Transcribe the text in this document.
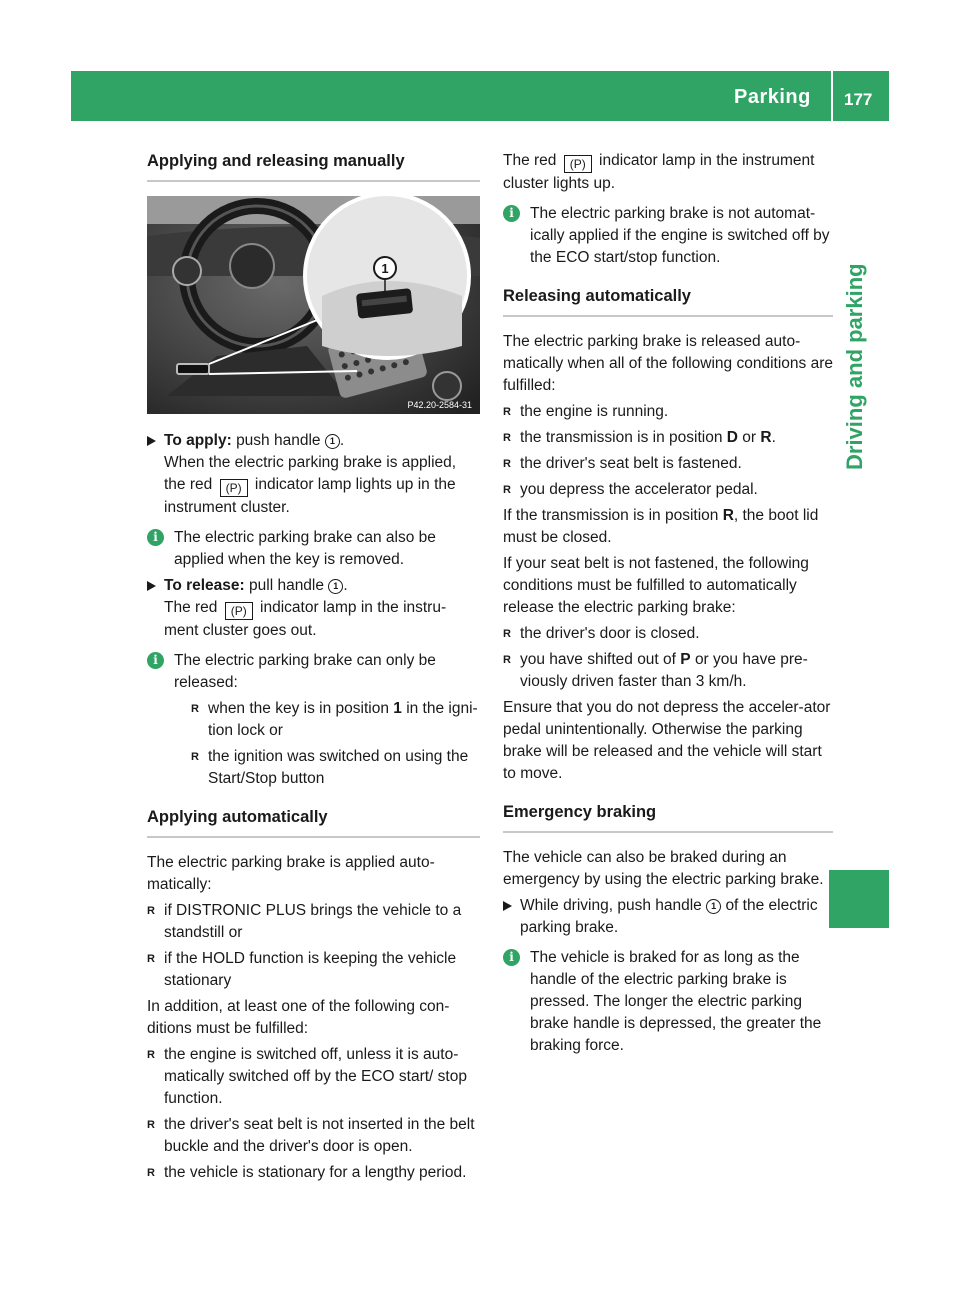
Parking 177
Driving and parking
Applying and releasing manually
1
P42.20-2584-31

To apply: push handle 1 .

When the electric parking brake is applied, the red (P) indicator lamp lights up in the instrument cluster.

i	The electric parking brake can also be applied when the key is removed.

To release: pull handle 1 .

The red (P) indicator lamp in the instru-ment cluster goes out.

i	The electric parking brake can only be released:

R when the key is in position 1 in the igni-tion lock or

R the ignition was switched on using the Start/Stop button

Applying automatically

The electric parking brake is applied auto-matically:

R if DISTRONIC PLUS brings the vehicle to a standstill or

R if the HOLD function is keeping the vehicle stationary

In addition, at least one of the following con-ditions must be fulfilled:

R the engine is switched off, unless it is auto-matically switched off by the ECO start/ stop function.

R the driver's seat belt is not inserted in the belt buckle and the driver's door is open.

R the vehicle is stationary for a lengthy period.

The red (P) indicator lamp in the instrument cluster lights up.

i	The electric parking brake is not automat-ically applied if the engine is switched off by the ECO start/stop function.

Releasing automatically

The electric parking brake is released auto-matically when all of the following conditions are fulfilled:

R the engine is running.

R the transmission is in position D or R.

R the driver's seat belt is fastened.

R you depress the accelerator pedal.

If the transmission is in position R, the boot lid must be closed.

If your seat belt is not fastened, the following conditions must be fulfilled to automatically release the electric parking brake:

R the driver's door is closed.

R you have shifted out of P or you have pre-viously driven faster than 3 km/h.

Ensure that you do not depress the acceler-ator pedal unintentionally. Otherwise the parking brake will be released and the vehicle will start to move.

Emergency braking

The vehicle can also be braked during an emergency by using the electric parking brake.

While driving, push handle 1 of the electric parking brake.

i	The vehicle is braked for as long as the handle of the electric parking brake is pressed. The longer the electric parking brake handle is depressed, the greater the braking force.
